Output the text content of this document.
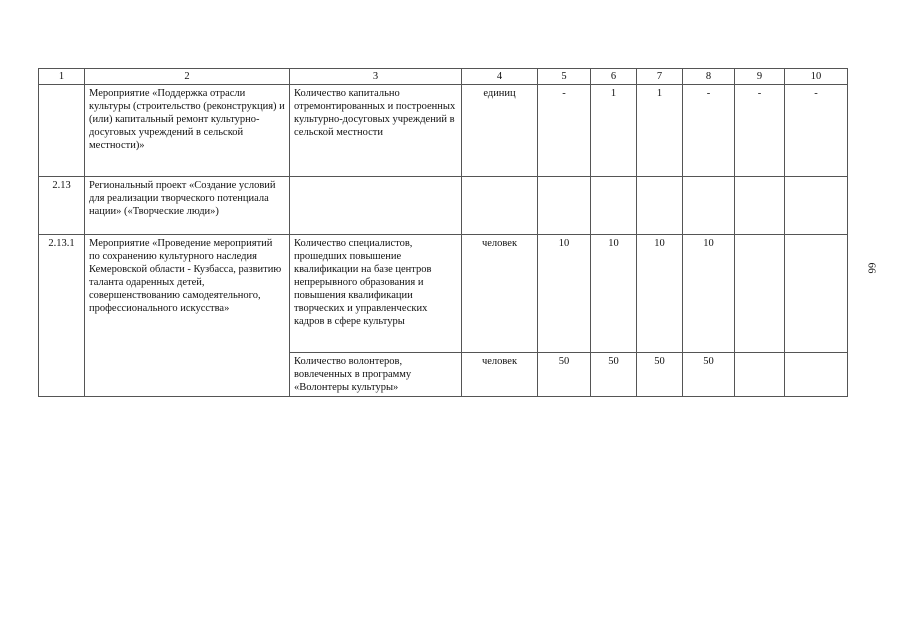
1	2	3	4	5	6	7	8	9	10
	Мероприятие «Поддержка отрасли культуры (строительство (реконструкция) и (или) капитальный ремонт культурно-досуговых учреждений в сельской местности)»	Количество капитально отремонтированных и построенных культурно-досуговых учреждений в сельской местности	единиц	-	1	1	-	-	-
2.13	Региональный проект «Создание условий для реализации творческого потенциала нации» («Творческие люди»)								
2.13.1	Мероприятие «Проведение мероприятий по сохранению культурного наследия Кемеровской области - Кузбасса, развитию таланта одаренных детей, совершенствованию самодеятельного, профессионального искусства»	Количество специалистов, прошедших повышение квалификации на базе центров непрерывного образования и повышения квалификации творческих и управленческих кадров в сфере культуры	человек	10	10	10	10		
		Количество волонтеров, вовлеченных в программу «Волонтеры культуры»	человек	50	50	50	50		
66
